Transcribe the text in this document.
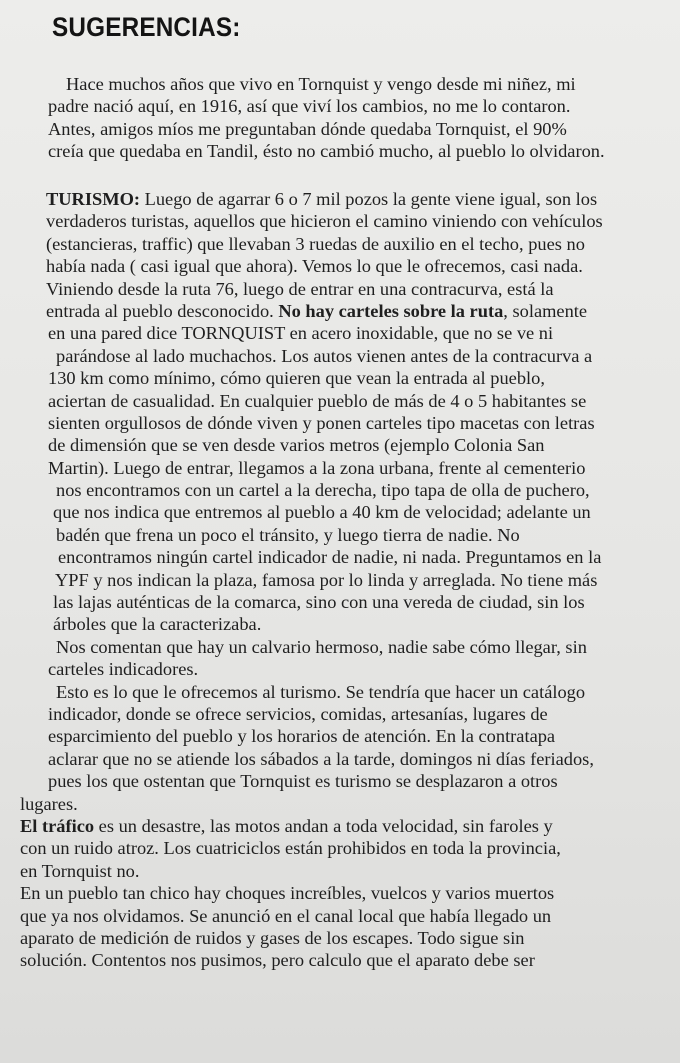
SUGERENCIAS:
Hace muchos años que vivo en Tornquist y vengo desde mi niñez, mi
padre nació aquí, en 1916, así que viví los cambios, no me lo contaron.
Antes, amigos míos me preguntaban dónde quedaba Tornquist, el 90%
creía que quedaba en Tandil, ésto no cambió mucho, al pueblo lo olvidaron.
TURISMO: Luego de agarrar 6 o 7 mil pozos la gente viene igual, son los
verdaderos turistas, aquellos que hicieron el camino viniendo con vehículos
(estancieras, traffic) que llevaban 3 ruedas de auxilio en el techo, pues no
había nada ( casi igual que ahora). Vemos lo que le ofrecemos, casi nada.
Viniendo desde la ruta 76, luego de entrar en una contracurva, está la
entrada al pueblo desconocido. No hay carteles sobre la ruta, solamente
en una pared dice TORNQUIST en acero inoxidable, que no se ve ni
parándose al lado muchachos. Los autos vienen antes de la contracurva a
130 km como mínimo, cómo quieren que vean la entrada al pueblo,
aciertan de casualidad. En cualquier pueblo de más de 4 o 5 habitantes se
sienten orgullosos de dónde viven y ponen carteles tipo macetas con letras
de dimensión que se ven desde varios metros (ejemplo Colonia San
Martin). Luego de entrar, llegamos a la zona urbana, frente al cementerio
nos encontramos con un cartel a la derecha, tipo tapa de olla de puchero,
que nos indica que entremos al pueblo a 40 km de velocidad; adelante un
badén que frena un poco el tránsito, y luego tierra de nadie. No
encontramos ningún cartel indicador de nadie, ni nada. Preguntamos en la
YPF y nos indican la plaza, famosa por lo linda y arreglada. No tiene más
las lajas auténticas de la comarca, sino con una vereda de ciudad, sin los
árboles que la caracterizaba.
Nos comentan que hay un calvario hermoso, nadie sabe cómo llegar, sin
carteles indicadores.
Esto es lo que le ofrecemos al turismo. Se tendría que hacer un catálogo
indicador, donde se ofrece servicios, comidas, artesanías, lugares de
esparcimiento del pueblo y los horarios de atención. En la contratapa
aclarar que no se atiende los sábados a la tarde, domingos ni días feriados,
pues los que ostentan que Tornquist es turismo se desplazaron a otros
lugares.
El tráfico es un desastre, las motos andan a toda velocidad, sin faroles y
con un ruido atroz. Los cuatriciclos están prohibidos en toda la provincia,
en Tornquist no.
En un pueblo tan chico hay choques increíbles, vuelcos y varios muertos
que ya nos olvidamos. Se anunció en el canal local que había llegado un
aparato de medición de ruidos y gases de los escapes. Todo sigue sin
solución. Contentos nos pusimos, pero calculo que el aparato debe ser
